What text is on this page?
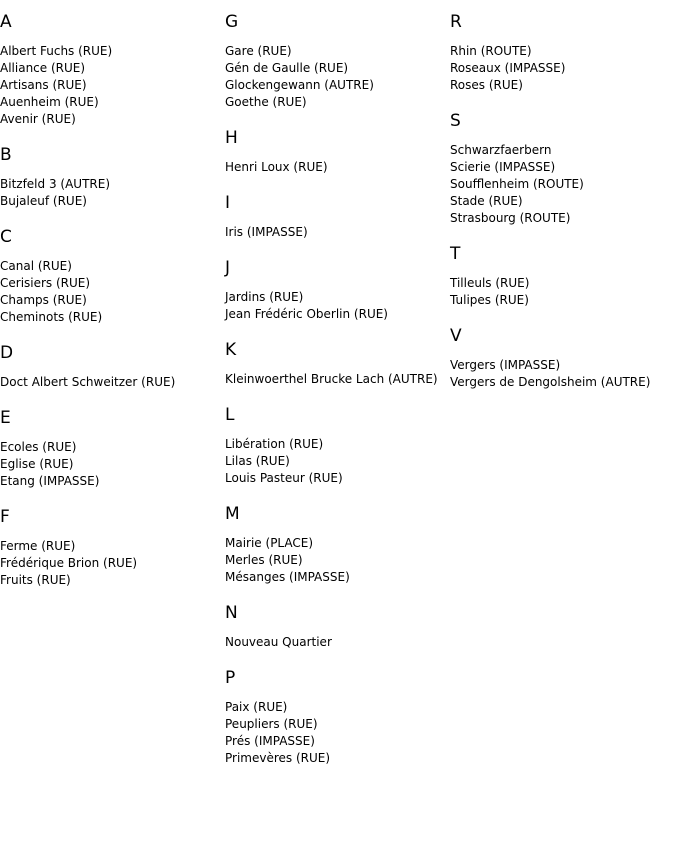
A
Albert Fuchs (RUE)
Alliance (RUE)
Artisans (RUE)
Auenheim (RUE)
Avenir (RUE)
B
Bitzfeld 3 (AUTRE)
Bujaleuf (RUE)
C
Canal (RUE)
Cerisiers (RUE)
Champs (RUE)
Cheminots (RUE)
D
Doct Albert Schweitzer (RUE)
E
Ecoles (RUE)
Eglise (RUE)
Etang (IMPASSE)
F
Ferme (RUE)
Frédérique Brion (RUE)
Fruits (RUE)
G
Gare (RUE)
Gén de Gaulle (RUE)
Glockengewann (AUTRE)
Goethe (RUE)
H
Henri Loux (RUE)
I
Iris (IMPASSE)
J
Jardins (RUE)
Jean Frédéric Oberlin (RUE)
K
Kleinwoerthel Brucke Lach (AUTRE)
L
Libération (RUE)
Lilas (RUE)
Louis Pasteur (RUE)
M
Mairie (PLACE)
Merles (RUE)
Mésanges (IMPASSE)
N
Nouveau Quartier
P
Paix (RUE)
Peupliers (RUE)
Prés (IMPASSE)
Primevères (RUE)
R
Rhin (ROUTE)
Roseaux (IMPASSE)
Roses (RUE)
S
Schwarzfaerbern
Scierie (IMPASSE)
Soufflenheim (ROUTE)
Stade (RUE)
Strasbourg (ROUTE)
T
Tilleuls (RUE)
Tulipes (RUE)
V
Vergers (IMPASSE)
Vergers de Dengolsheim (AUTRE)
